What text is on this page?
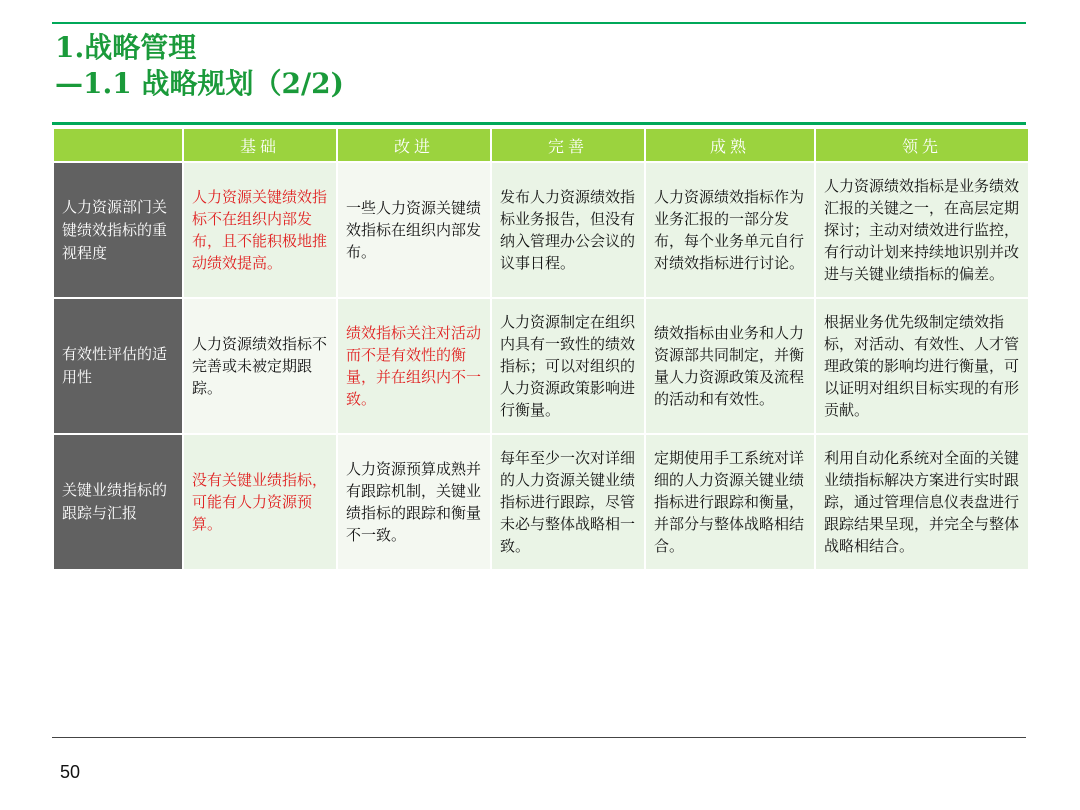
1.战略管理
—1.1 战略规划（2/2)
	基础	改进	完善	成熟	领先
人力资源部门关键绩效指标的重视程度	人力资源关键绩效指标不在组织内部发布，且不能积极地推动绩效提高。	一些人力资源关键绩效指标在组织内部发布。	发布人力资源绩效指标业务报告，但没有纳入管理办公会议的议事日程。	人力资源绩效指标作为业务汇报的一部分发布，每个业务单元自行对绩效指标进行讨论。	人力资源绩效指标是业务绩效汇报的关键之一，在高层定期探讨；主动对绩效进行监控，有行动计划来持续地识别并改进与关键业绩指标的偏差。
有效性评估的适用性	人力资源绩效指标不完善或未被定期跟踪。	绩效指标关注对活动而不是有效性的衡量，并在组织内不一致。	人力资源制定在组织内具有一致性的绩效指标；可以对组织的人力资源政策影响进行衡量。	绩效指标由业务和人力资源部共同制定，并衡量人力资源政策及流程的活动和有效性。	根据业务优先级制定绩效指标，对活动、有效性、人才管理政策的影响均进行衡量，可以证明对组织目标实现的有形贡献。
关键业绩指标的跟踪与汇报	没有关键业绩指标，可能有人力资源预算。	人力资源预算成熟并有跟踪机制，关键业绩指标的跟踪和衡量不一致。	每年至少一次对详细的人力资源关键业绩指标进行跟踪，尽管未必与整体战略相一致。	定期使用手工系统对详细的人力资源关键业绩指标进行跟踪和衡量，并部分与整体战略相结合。	利用自动化系统对全面的关键业绩指标解决方案进行实时跟踪，通过管理信息仪表盘进行跟踪结果呈现，并完全与整体战略相结合。
50
